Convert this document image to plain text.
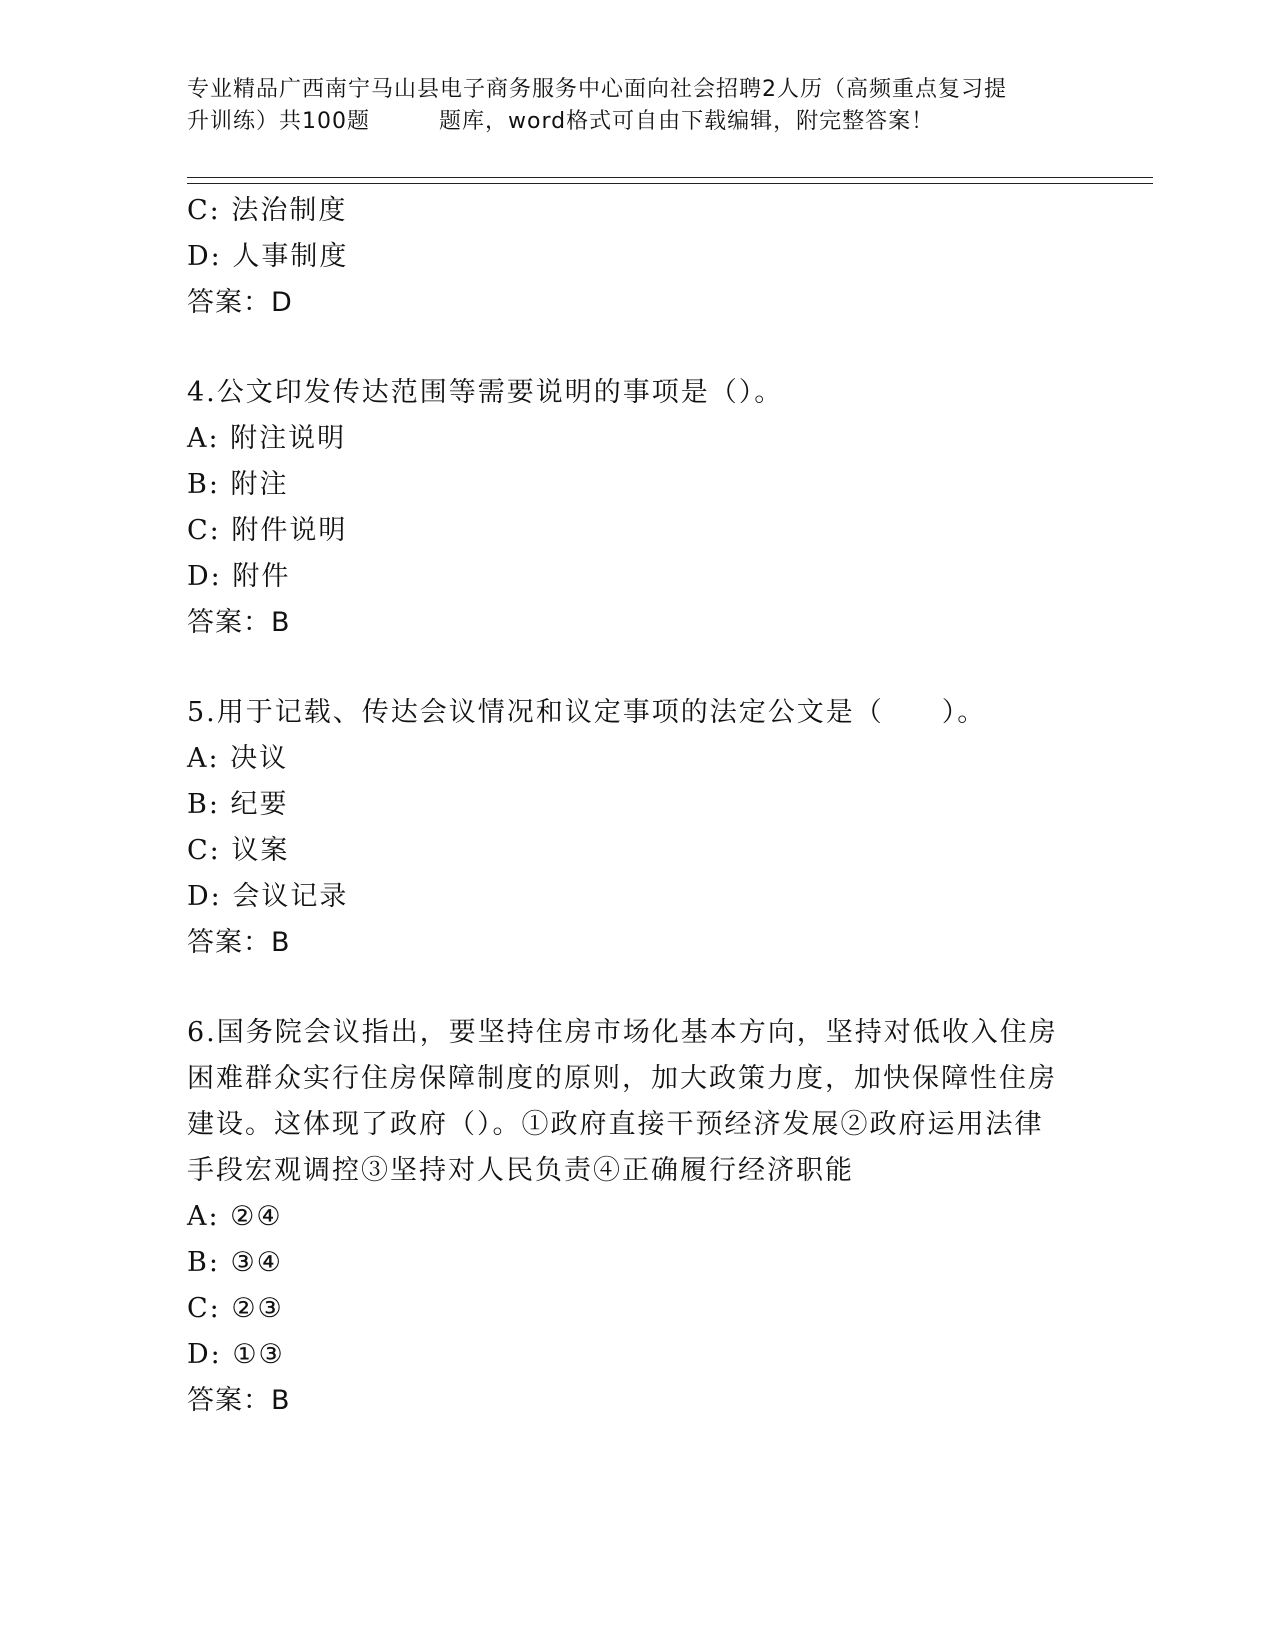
专业精品广西南宁马山县电子商务服务中心面向社会招聘2人历（高频重点复习提
升训练）共100题　　　题库，word格式可自由下载编辑，附完整答案！
C: 法治制度
D: 人事制度
答案：D
4.公文印发传达范围等需要说明的事项是（）。
A: 附注说明
B: 附注
C: 附件说明
D: 附件
答案：B
5.用于记载、传达会议情况和议定事项的法定公文是（　　）。
A: 决议
B: 纪要
C: 议案
D: 会议记录
答案：B
6.国务院会议指出，要坚持住房市场化基本方向，坚持对低收入住房
困难群众实行住房保障制度的原则，加大政策力度，加快保障性住房
建设。这体现了政府（）。①政府直接干预经济发展②政府运用法律
手段宏观调控③坚持对人民负责④正确履行经济职能
A: ②④
B: ③④
C: ②③
D: ①③
答案：B
